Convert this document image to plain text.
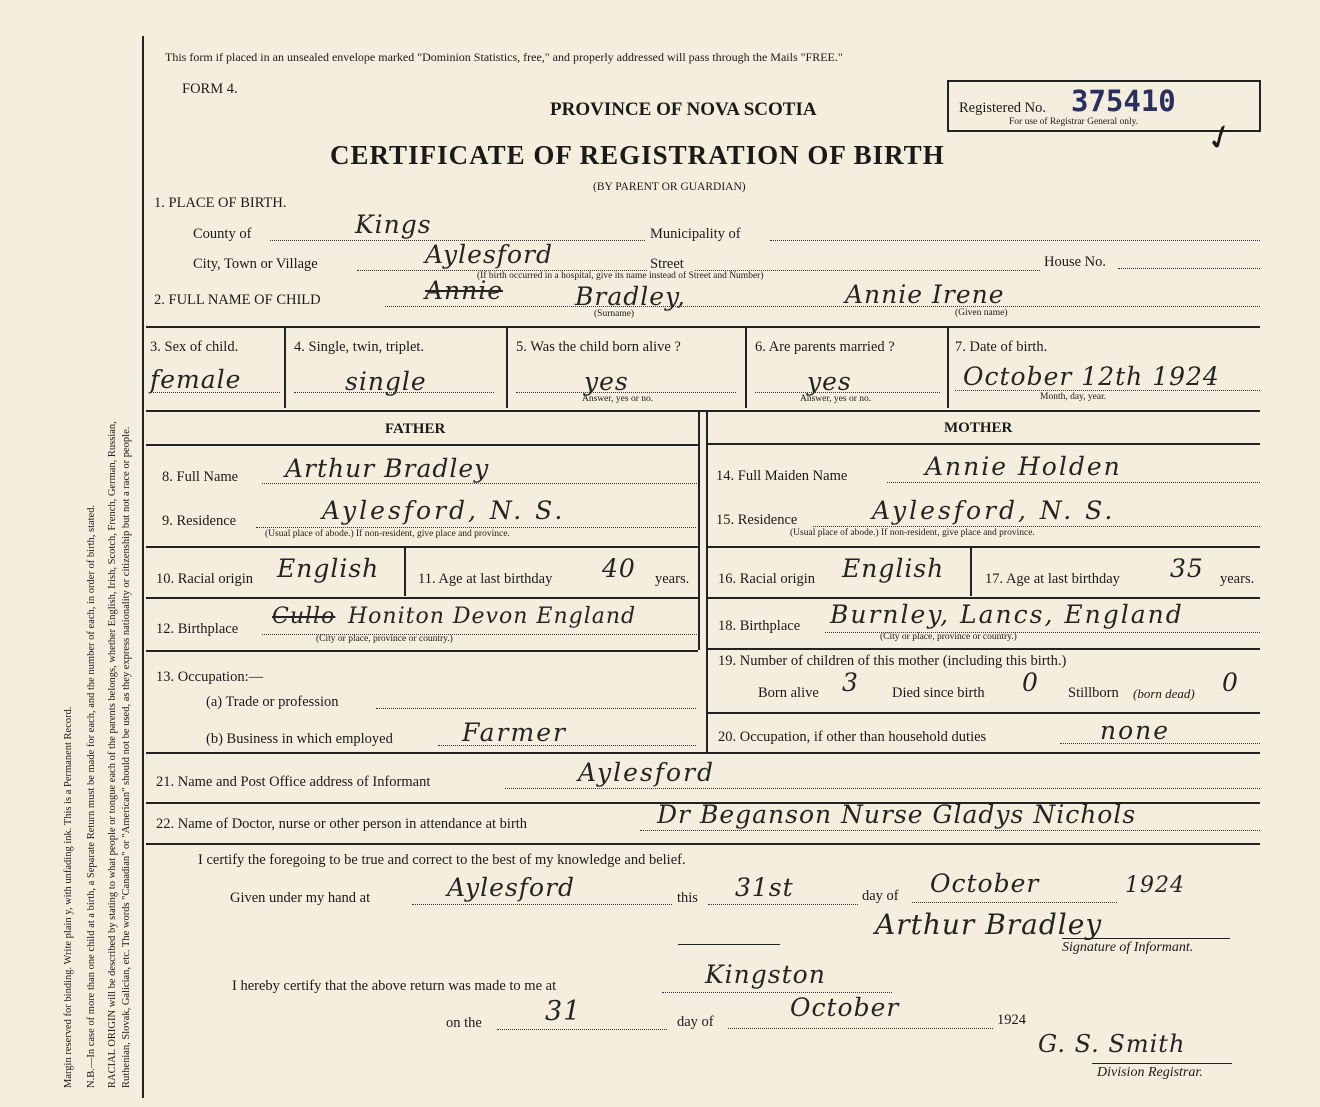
Margin reserved for binding. Write plain y, with unfading ink. This is a Permanent Record. N.B.—In case of more than one child at a birth, a Separate Return must be made for each, and the number of each, in order of birth, stated. RACIAL ORIGIN will be described by stating to what people or tongue each of the parents belongs, whether English, Irish, Scotch, French, German, Russian, Ruthenian, Slovak, Galician, etc. The words "Canadian" or "American" should not be used, as they express nationality or citizenship but not a race or people.
This form if placed in an unsealed envelope marked "Dominion Statistics, free," and properly addressed will pass through the Mails "FREE."
FORM 4.
PROVINCE OF NOVA SCOTIA	Registered No. 375410
For use of Registrar General only. ✓
CERTIFICATE OF REGISTRATION OF BIRTH
(BY PARENT OR GUARDIAN)
1. PLACE OF BIRTH.
County of	Kings	Municipality of
City, Town or Village	Aylesford	Street	House No.
(If birth occurred in a hospital, give its name instead of Street and Number)
2. FULL NAME OF CHILD	Annie	Bradley,	Annie Irene
(Surname)	(Given name)
3. Sex of child.
female
4. Single, twin, triplet.
single
5. Was the child born alive ?
yes
Answer, yes or no.
6. Are parents married ?
yes
Answer, yes or no.
7. Date of birth.
October 12th 1924
Month, day, year.
FATHER	MOTHER
8. Full Name Arthur Bradley
9. Residence	Aylesford, N. S.
(Usual place of abode.) If non-resident, give place and province.
10. Racial origin English	11. Age at last birthday 40 years.
12. Birthplace Cullo Honiton Devon England
(City or place, province or country.)
14. Full Maiden Name	Annie Holden
15. Residence	Aylesford, N. S.
(Usual place of abode.) If non-resident, give place and province.
16. Racial origin English	17. Age at last birthday 35 years.
18. Birthplace Burnley, Lancs, England
(City or place, province or country.)
13. Occupation:—
(a) Trade or profession
(b) Business in which employed	Farmer
19. Number of children of this mother (including this birth.)
Born alive 3 Died since birth 0 Stillborn (born dead) 0
20. Occupation, if other than household duties	none
21. Name and Post Office address of Informant	Aylesford
22. Name of Doctor, nurse or other person in attendance at birth	Dr Beganson Nurse Gladys Nichols
I certify the foregoing to be true and correct to the best of my knowledge and belief.
Given under my hand at	Aylesford	this 31st	day of October	1924
Arthur Bradley
Signature of Informant.
I hereby certify that the above return was made to me at	Kingston
on the 31	day of	October	1924
G. S. Smith
Division Registrar.
